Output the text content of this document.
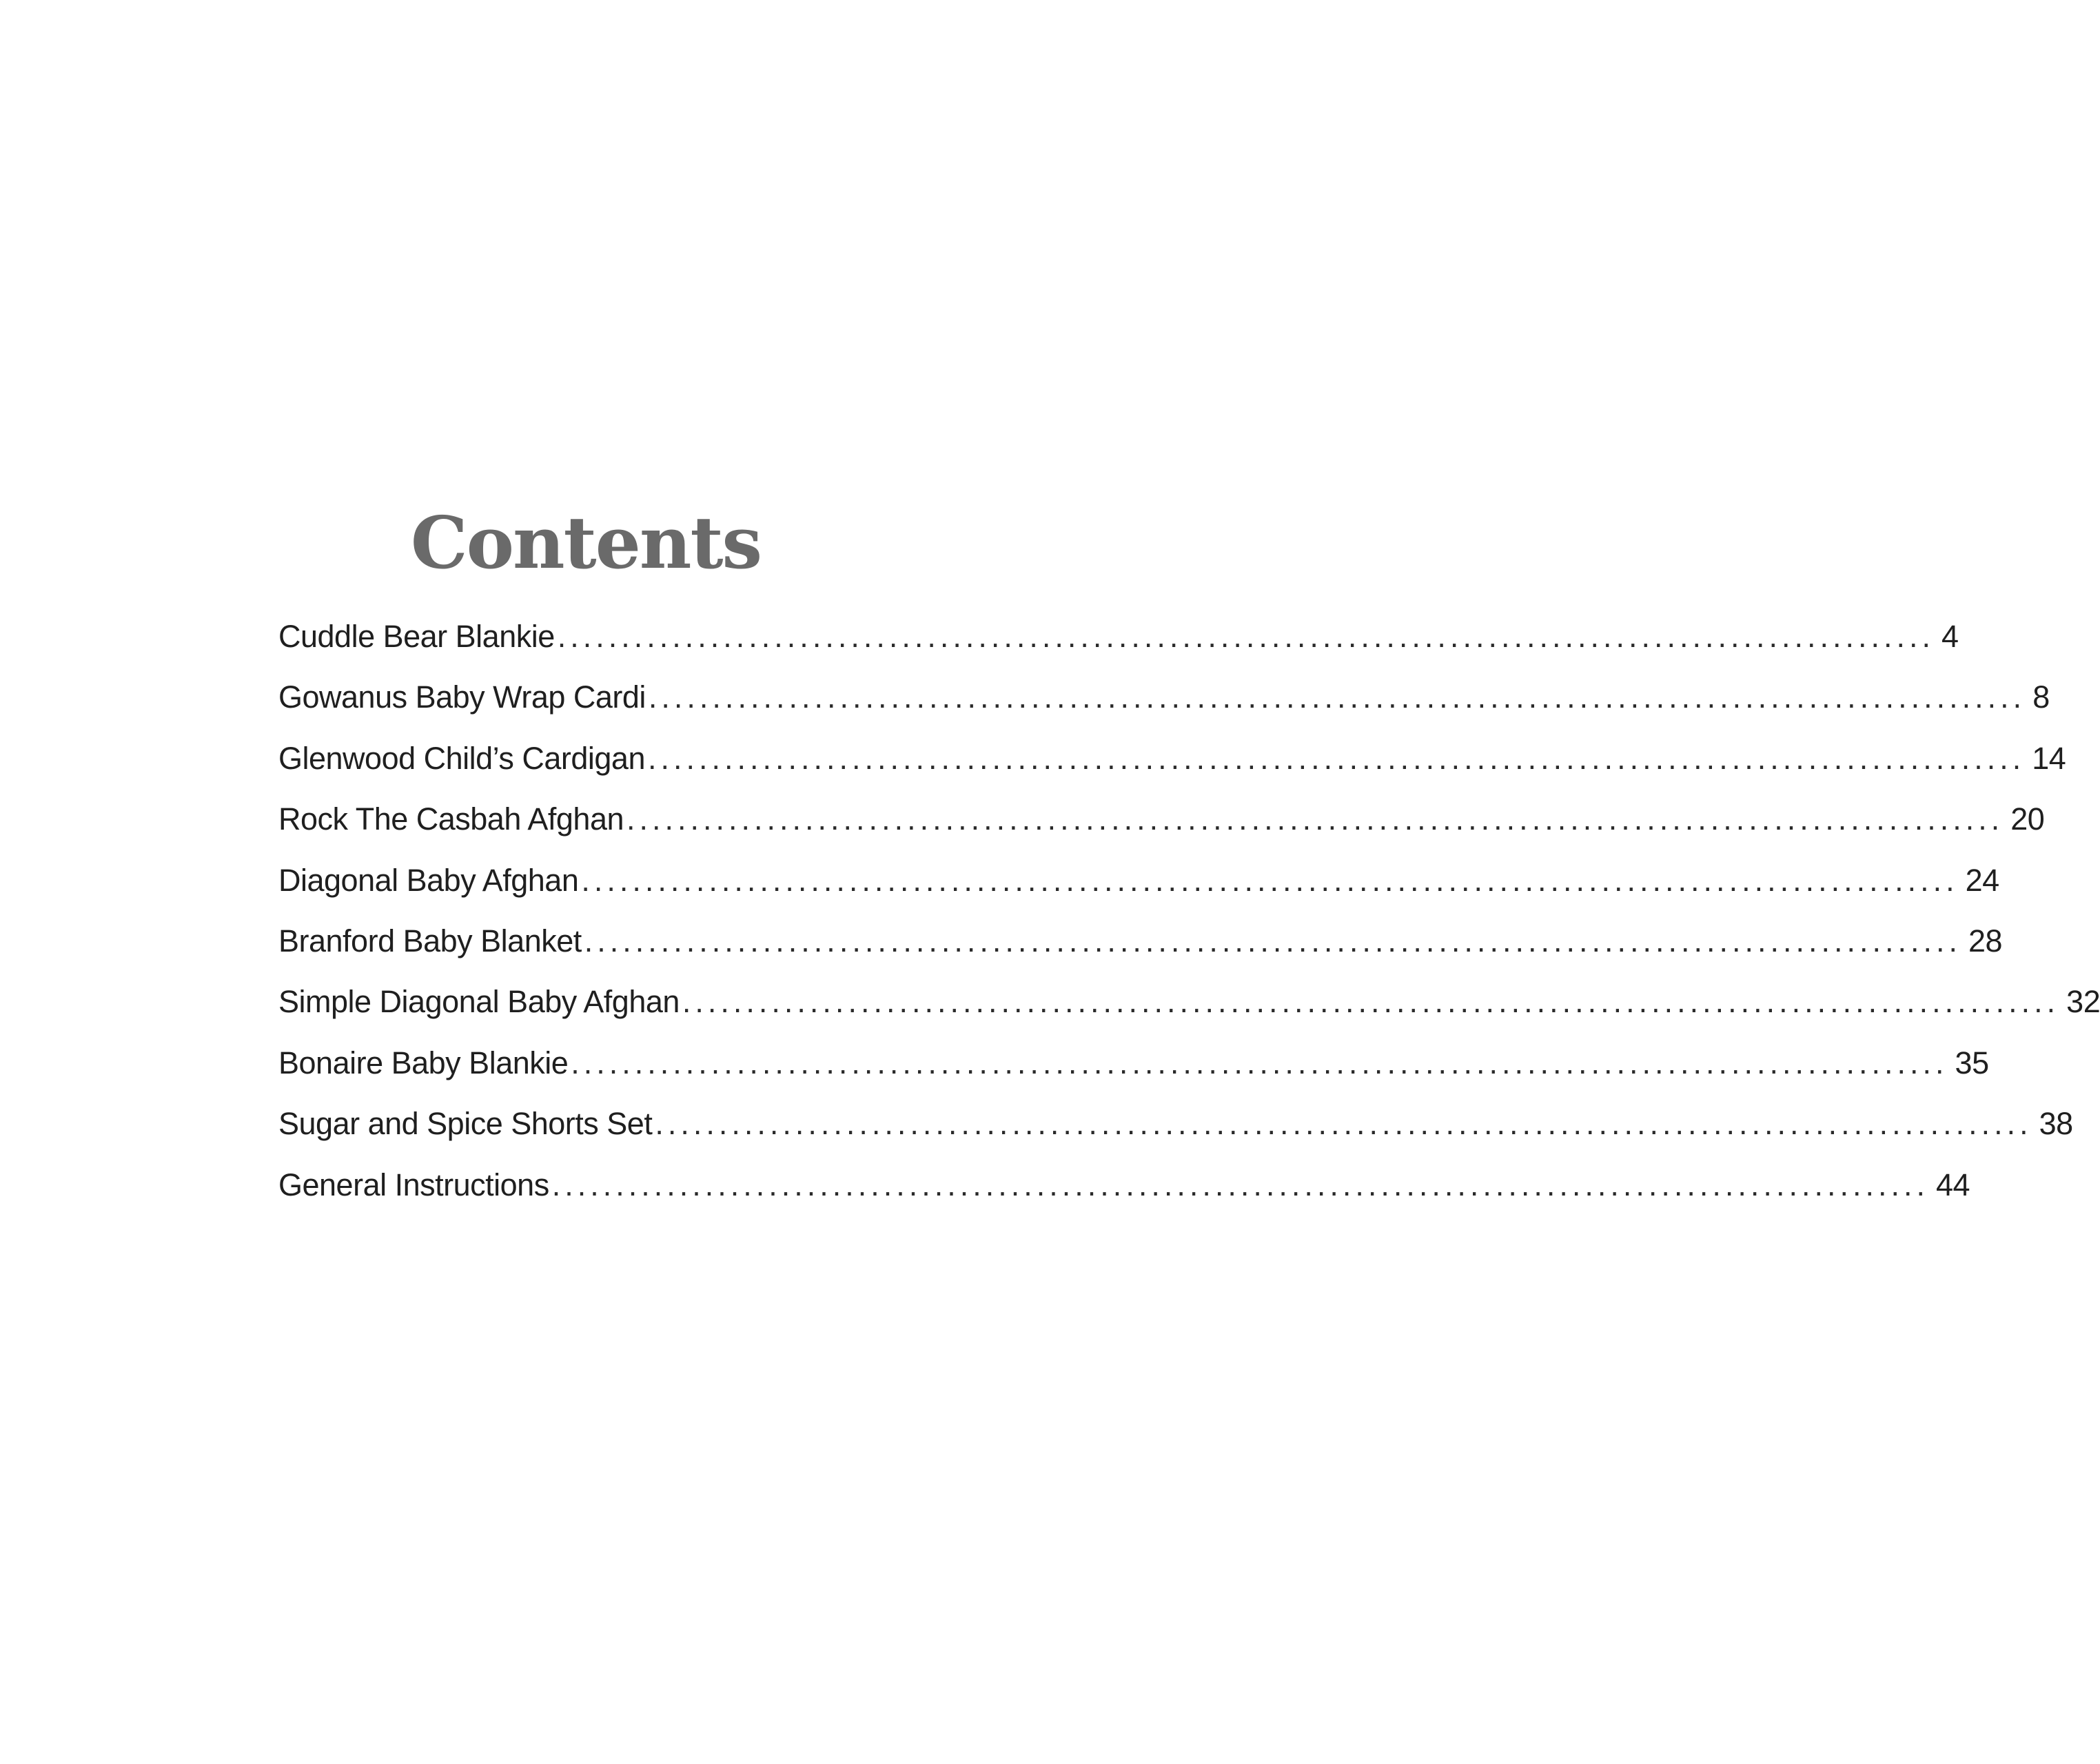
Contents
Cuddle Bear Blankie ............................................................................................................ 4
Gowanus Baby Wrap Cardi ............................................................................................................ 8
Glenwood Child’s Cardigan ............................................................................................................ 14
Rock The Casbah Afghan ............................................................................................................ 20
Diagonal Baby Afghan ............................................................................................................ 24
Branford Baby Blanket ............................................................................................................ 28
Simple Diagonal Baby Afghan ............................................................................................................ 32
Bonaire Baby Blankie ............................................................................................................ 35
Sugar and Spice Shorts Set ............................................................................................................ 38
General Instructions ............................................................................................................ 44
